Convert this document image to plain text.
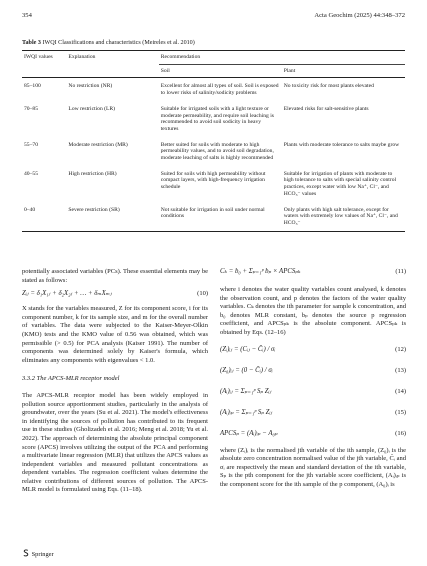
354	Acta Geochim (2025) 44:348–372
Table 3 IWQI Classifications and characteristics (Meireles et al. 2010)
IWQI values	Explanation	Recommendation	
		Soil	Plant
85–100	No restriction (NR)	Excellent for almost all types of soil. Soil is exposed to lower risks of salinity/sodicity problems	No toxicity risk for most plants elevated
70–85	Low restriction (LR)	Suitable for irrigated soils with a light texture or moderate permeability, and require soil leaching is recommended to avoid soil sodicity in heavy textures	Elevated risks for salt-sensitive plants
55–70	Moderate restriction (MR)	Better suited for soils with moderate to high permeability values, and to avoid soil degradation, moderate leaching of salts is highly recommended	Plants with moderate tolerance to salts maybe grow
40–55	High restriction (HR)	Suited for soils with high permeability without compact layers, with high-frequency irrigation schedule	Suitable for irrigation of plants with moderate to high tolerance to salts with special salinity control practices, except water with low Na⁺, Cl⁻, and HCO₃⁻ values
0–40	Severe restriction (SR)	Not suitable for irrigation in soil under normal conditions	Only plants with high salt tolerance, except for waters with extremely low values of Na⁺, Cl⁻, and HCO₃⁻

potentially associated variables (PCs). These essential elements may be stated as follows:

Zᵢⱼ = δ₁X₁ⱼ + δ₂X₂ⱼ + … + δₘXₘⱼ	(10)

X stands for the variables measured, Z for its component score, i for its component number, k for its sample size, and m for the overall number of variables. The data were subjected to the Kaiser-Meyer-Olkin (KMO) tests and the KMO value of 0.56 was obtained, which was permissible (> 0.5) for PCA analysis (Kaiser 1991). The number of components was determined solely by Kaiser's formula, which eliminates any components with eigenvalues < 1.0.

3.3.2 The APCS-MLR receptor model

The APCS-MLR receptor model has been widely employed in pollution source apportionment studies, particularly in the analysis of groundwater, over the years (Su et al. 2021). The model's effectiveness in identifying the sources of pollution has contributed to its frequent use in these studies (Gholizadeh et al. 2016; Meng et al. 2018; Yu et al. 2022). The approach of determining the absolute principal component score (APCS) involves utilizing the output of the PCA and performing a multivariate linear regression (MLR) that utilizes the APCS values as independent variables and measured pollutant concentrations as dependent variables. The regression coefficient values determine the relative contributions of different sources of pollution. The APCS-MLR model is formulated using Eqs. (11–18).

Cₖ = b₀ + Σₚ₌₁ᵖ bₚ × APCSₚₖ	(11)

where i denotes the water quality variables count analysed, k denotes the observation count, and p denotes the factors of the water quality variables. Cₖ denotes the ith parameter for sample k concentration, and b₀ denotes MLR constant, bₚ denotes the source p regression coefficient, and APCSₚₖ is the absolute component. APCSₚₖ is obtained by Eqs. (12–16)

(Zᵢ)ᵢⱼ = (Cᵢⱼ − C̄ᵢ) / σᵢ	(12)
(Z₀)ᵢⱼ = (0 − C̄ᵢ) / σᵢ	(13)
(Aᵢ)ᵢⱼ = Σₚ₌₁ᵖ Sₚ Zᵢⱼ	(14)
(Aᵢ)ᵢₚ = Σₚ₌₁ᵖ Sₚ Zᵢⱼ	(15)
APCSₚ = (Aᵢ)ᵢₚ − A₀ₚ	(16)

where (Zᵢ)ᵢ is the normalised jth variable of the ith sample, (Z₀)ᵢ is the absolute zero concentration normalised value of the jth variable, C̄ᵢ and σᵢ are respectively the mean and standard deviation of the ith variable, Sₚ is the pth component for the jth variable score coefficient, (Aᵢ)ᵢₚ is the component score for the ith sample of the p component, (A₀)ᵢ is

Springer
